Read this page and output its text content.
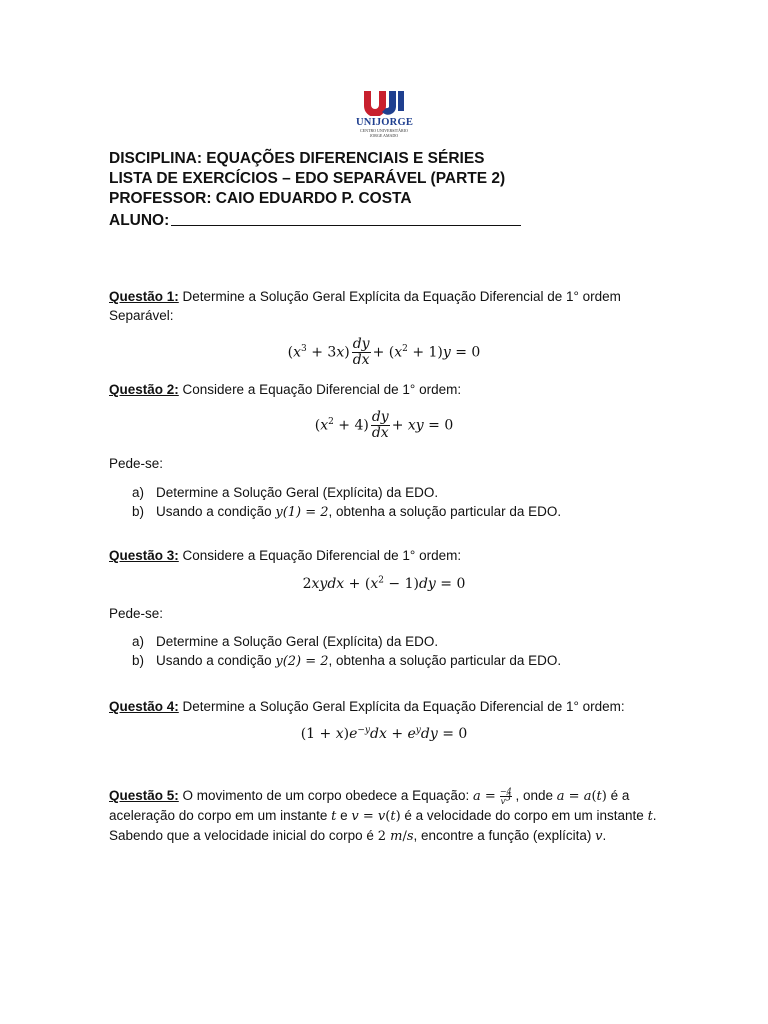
UNIJORGE
CENTRO UNIVERSITÁRIO
JORGE AMADO
DISCIPLINA: EQUAÇÕES DIFERENCIAIS E SÉRIES
LISTA DE EXERCÍCIOS – EDO SEPARÁVEL (PARTE 2)
PROFESSOR: CAIO EDUARDO P. COSTA
ALUNO:
Questão 1: Determine a Solução Geral Explícita da Equação Diferencial de 1° ordem Separável:
$(x^3 + 3x) \frac{dy}{dx} + (x^2 + 1)y = 0$
Questão 2: Considere a Equação Diferencial de 1° ordem:
$(x^2 + 4) \frac{dy}{dx}$ + xy = 0
Pede-se:
a) Determine a Solução Geral (Explícita) da EDO.
b) Usando a condição y(1) = 2, obtenha a solução particular da EDO.
Questão 3: Considere a Equação Diferencial de 1° ordem:
2xydx + $(x^2 - 1)dy = 0$
Pede-se:
a) Determine a Solução Geral (Explícita) da EDO.
b) Usando a condição y(2) = 2, obtenha a solução particular da EDO.
Questão 4: Determine a Solução Geral Explícita da Equação Diferencial de 1° ordem:
$(1 + x)e^{-y}dx + e^ydy = 0$
Questão 5: O movimento de um corpo obedece a Equação: $a = \frac{-4}{v^3}$ , onde a = a(t) é a aceleração do corpo em um instante t e v = v(t) é a velocidade do corpo em um instante t. Sabendo que a velocidade inicial do corpo é 2 m/s, encontre a função (explícita) v.
